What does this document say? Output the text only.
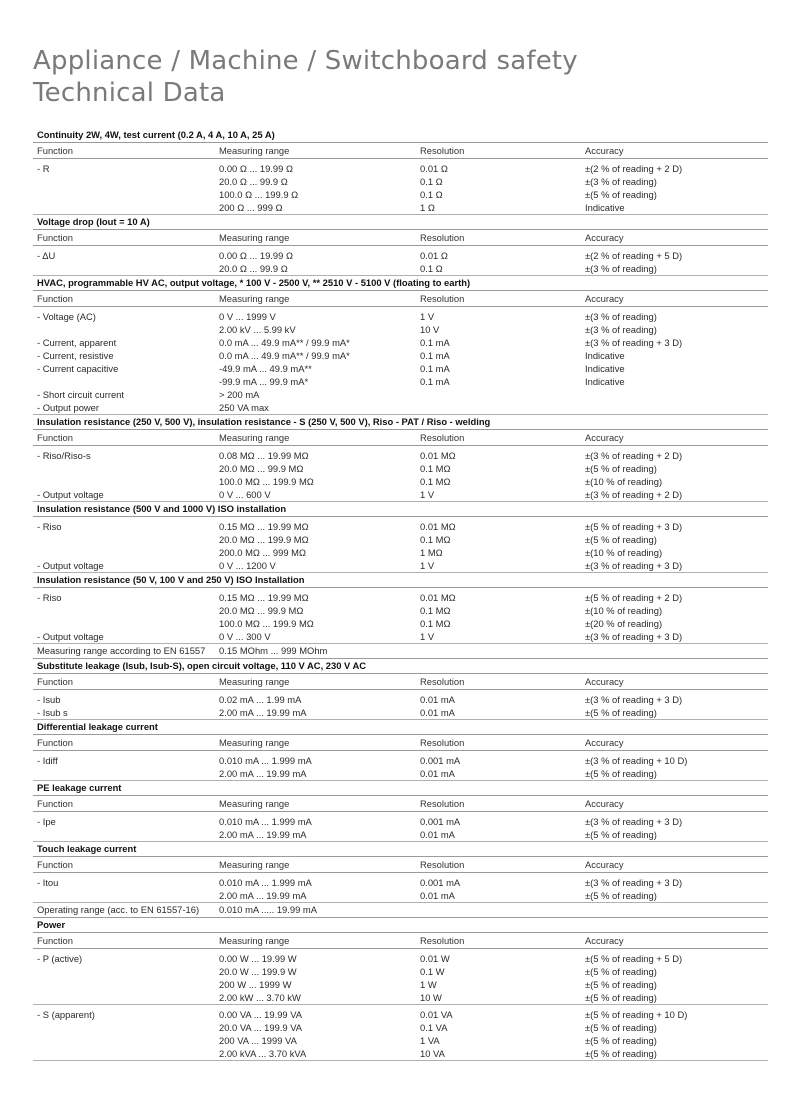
Appliance / Machine / Switchboard safety
Technical Data
Continuity 2W, 4W, test current (0.2 A, 4 A, 10 A, 25 A)
Function	Measuring range	Resolution	Accuracy
- R	0.00 Ω ... 19.99 Ω	0.01 Ω	±(2 % of reading + 2 D)
20.0 Ω ... 99.9 Ω	0.1 Ω	±(3 % of reading)
100.0 Ω ... 199.9 Ω	0.1 Ω	±(5 % of reading)
200 Ω ... 999 Ω	1 Ω	Indicative
Voltage drop (Iout = 10 A)
Function	Measuring range	Resolution	Accuracy
- ΔU	0.00 Ω ... 19.99 Ω	0.01 Ω	±(2 % of reading + 5 D)
20.0 Ω ... 99.9 Ω	0.1 Ω	±(3 % of reading)
HVAC, programmable HV AC, output voltage, * 100 V - 2500 V, ** 2510 V - 5100 V (floating to earth)
Function	Measuring range	Resolution	Accuracy
- Voltage (AC)	0 V ... 1999 V	1 V	±(3 % of reading)
2.00 kV ... 5.99 kV	10 V	±(3 % of reading)
- Current, apparent	0.0 mA ... 49.9 mA** / 99.9 mA*	0.1 mA	±(3 % of reading + 3 D)
- Current, resistive	0.0 mA ... 49.9 mA** / 99.9 mA*	0.1 mA	Indicative
- Current capacitive	-49.9 mA ... 49.9 mA**	0.1 mA	Indicative
-99.9 mA ... 99.9 mA*	0.1 mA	Indicative
- Short circuit current	> 200 mA
- Output power	250 VA max
Insulation resistance (250 V, 500 V), insulation resistance - S (250 V, 500 V), Riso - PAT / Riso - welding
Function	Measuring range	Resolution	Accuracy
- Riso/Riso-s	0.08 MΩ ... 19.99 MΩ	0.01 MΩ	±(3 % of reading + 2 D)
20.0 MΩ ... 99.9 MΩ	0.1 MΩ	±(5 % of reading)
100.0 MΩ ... 199.9 MΩ	0.1 MΩ	±(10 % of reading)
- Output voltage	0 V ... 600 V	1 V	±(3 % of reading + 2 D)
Insulation resistance (500 V and 1000 V) ISO installation
- Riso	0.15 MΩ ... 19.99 MΩ	0.01 MΩ	±(5 % of reading + 3 D)
20.0 MΩ ... 199.9 MΩ	0.1 MΩ	±(5 % of reading)
200.0 MΩ ... 999 MΩ	1 MΩ	±(10 % of reading)
- Output voltage	0 V ... 1200 V	1 V	±(3 % of reading + 3 D)
Insulation resistance (50 V, 100 V and 250 V) ISO Installation
- Riso	0.15 MΩ ... 19.99 MΩ	0.01 MΩ	±(5 % of reading + 2 D)
20.0 MΩ ... 99.9 MΩ	0.1 MΩ	±(10 % of reading)
100.0 MΩ ... 199.9 MΩ	0.1 MΩ	±(20 % of reading)
- Output voltage	0 V ... 300 V	1 V	±(3 % of reading + 3 D)
Measuring range according to EN 61557	0.15 MOhm ... 999 MOhm
Substitute leakage (Isub, Isub-S), open circuit voltage, 110 V AC, 230 V AC
Function	Measuring range	Resolution	Accuracy
- Isub	0.02 mA ... 1.99 mA	0.01 mA	±(3 % of reading + 3 D)
- Isub s	2.00 mA ... 19.99 mA	0.01 mA	±(5 % of reading)
Differential leakage current
Function	Measuring range	Resolution	Accuracy
- Idiff	0.010 mA ... 1.999 mA	0.001 mA	±(3 % of reading + 10 D)
2.00 mA ... 19.99 mA	0.01 mA	±(5 % of reading)
PE leakage current
Function	Measuring range	Resolution	Accuracy
- Ipe	0.010 mA ... 1.999 mA	0.001 mA	±(3 % of reading + 3 D)
2.00 mA ... 19.99 mA	0.01 mA	±(5 % of reading)
Touch leakage current
Function	Measuring range	Resolution	Accuracy
- Itou	0.010 mA ... 1.999 mA	0.001 mA	±(3 % of reading + 3 D)
2.00 mA ... 19.99 mA	0.01 mA	±(5 % of reading)
Operating range (acc. to EN 61557-16)	0.010 mA ..... 19.99 mA
Power
Function	Measuring range	Resolution	Accuracy
- P (active)	0.00 W ... 19.99 W	0.01 W	±(5 % of reading + 5 D)
20.0 W ... 199.9 W	0.1 W	±(5 % of reading)
200 W ... 1999 W	1 W	±(5 % of reading)
2.00 kW ... 3.70 kW	10 W	±(5 % of reading)
- S (apparent)	0.00 VA ... 19.99 VA	0.01 VA	±(5 % of reading + 10 D)
20.0 VA ... 199.9 VA	0.1 VA	±(5 % of reading)
200 VA ... 1999 VA	1 VA	±(5 % of reading)
2.00 kVA ... 3.70 kVA	10 VA	±(5 % of reading)
